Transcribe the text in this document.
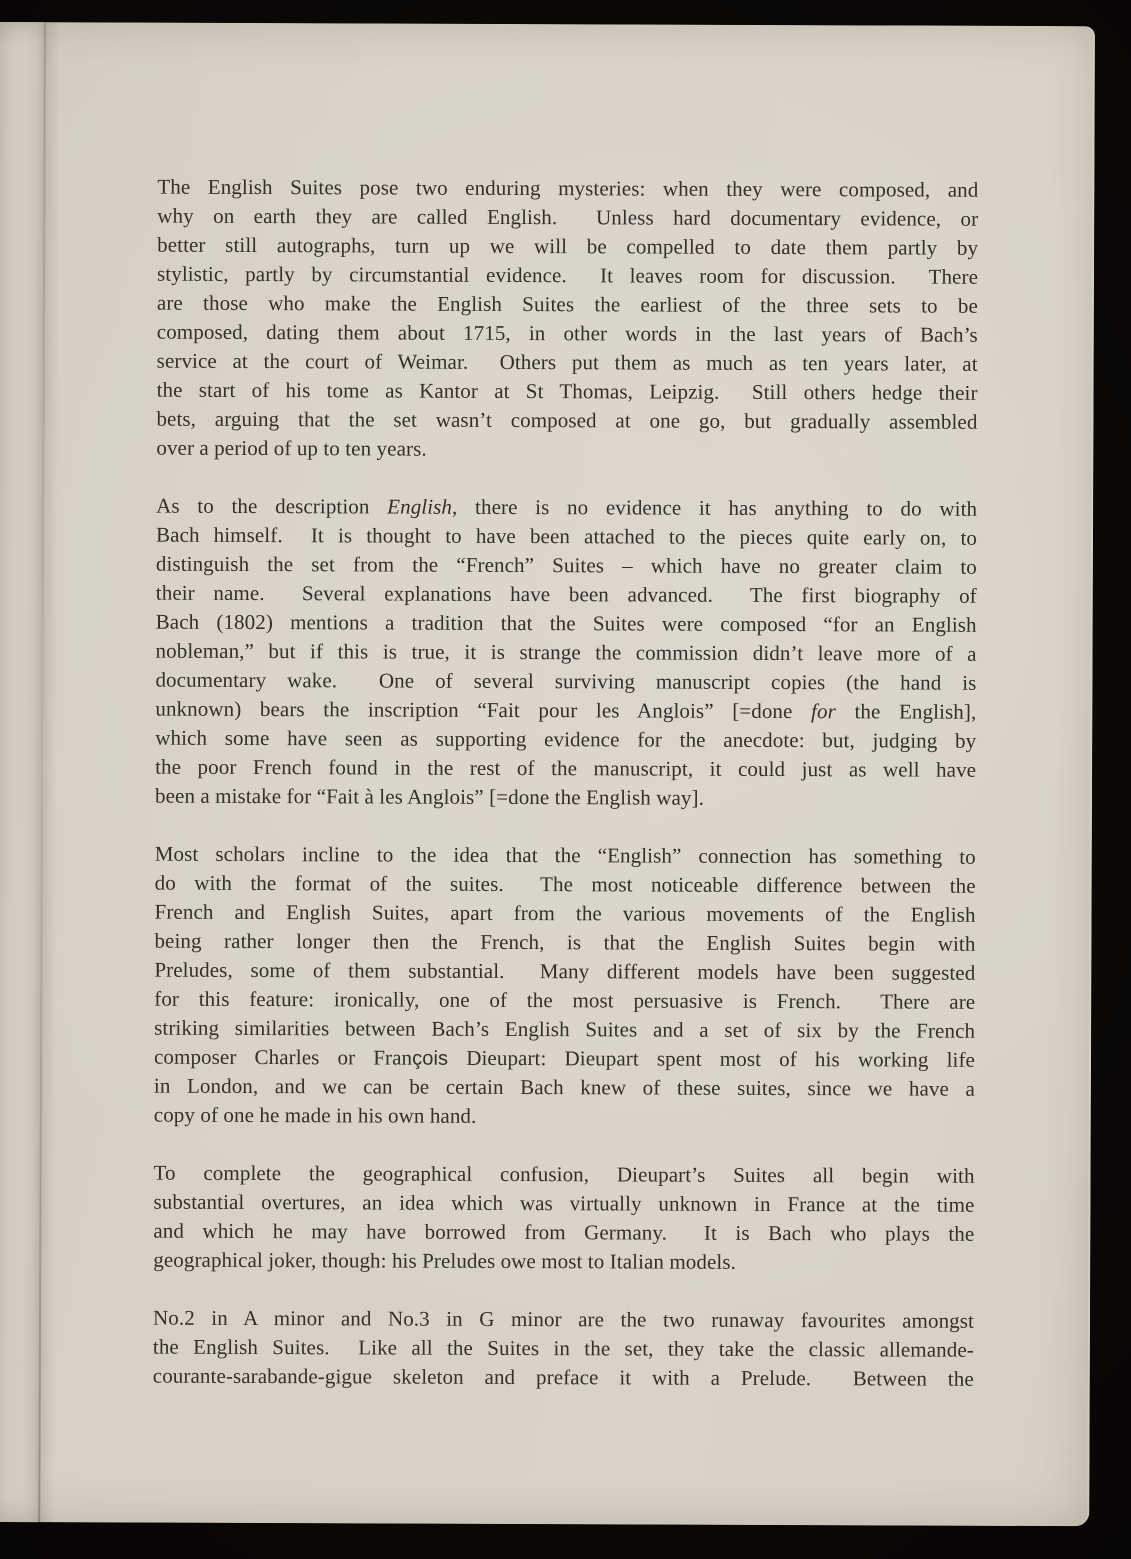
The English Suites pose two enduring mysteries: when they were composed, and
why on earth they are called English.  Unless hard documentary evidence, or
better still autographs, turn up we will be compelled to date them partly by
stylistic, partly by circumstantial evidence.  It leaves room for discussion.  There
are those who make the English Suites the earliest of the three sets to be
composed, dating them about 1715, in other words in the last years of Bach’s
service at the court of Weimar.  Others put them as much as ten years later, at
the start of his tome as Kantor at St Thomas, Leipzig.  Still others hedge their
bets, arguing that the set wasn’t composed at one go, but gradually assembled
over a period of up to ten years.
As to the description English, there is no evidence it has anything to do with
Bach himself.  It is thought to have been attached to the pieces quite early on, to
distinguish the set from the “French” Suites – which have no greater claim to
their name.  Several explanations have been advanced.  The first biography of
Bach (1802) mentions a tradition that the Suites were composed “for an English
nobleman,” but if this is true, it is strange the commission didn’t leave more of a
documentary wake.  One of several surviving manuscript copies (the hand is
unknown) bears the inscription “Fait pour les Anglois” [=done for the English],
which some have seen as supporting evidence for the anecdote: but, judging by
the poor French found in the rest of the manuscript, it could just as well have
been a mistake for “Fait à les Anglois” [=done the English way].
Most scholars incline to the idea that the “English” connection has something to
do with the format of the suites.  The most noticeable difference between the
French and English Suites, apart from the various movements of the English
being rather longer then the French, is that the English Suites begin with
Preludes, some of them substantial.  Many different models have been suggested
for this feature: ironically, one of the most persuasive is French.  There are
striking similarities between Bach’s English Suites and a set of six by the French
composer Charles or François Dieupart: Dieupart spent most of his working life
in London, and we can be certain Bach knew of these suites, since we have a
copy of one he made in his own hand.
To complete the geographical confusion, Dieupart’s Suites all begin with
substantial overtures, an idea which was virtually unknown in France at the time
and which he may have borrowed from Germany.  It is Bach who plays the
geographical joker, though: his Preludes owe most to Italian models.
No.2 in A minor and No.3 in G minor are the two runaway favourites amongst
the English Suites.  Like all the Suites in the set, they take the classic allemande-
courante-sarabande-gigue skeleton and preface it with a Prelude.  Between the
